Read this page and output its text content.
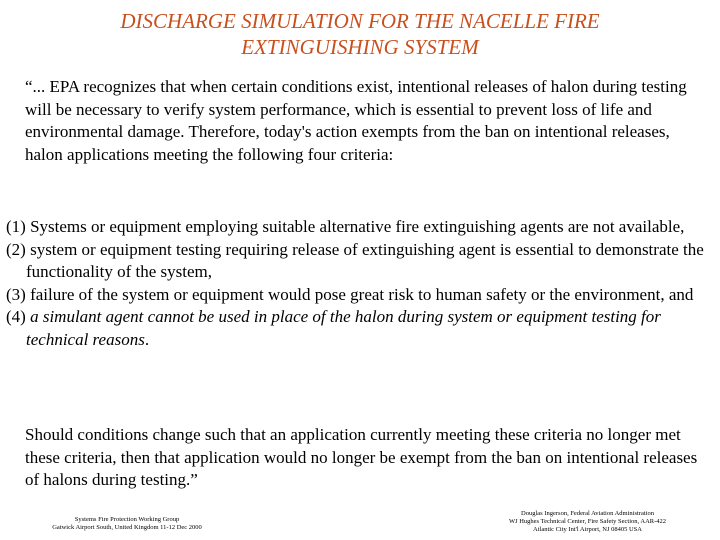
DISCHARGE SIMULATION FOR THE NACELLE FIRE
EXTINGUISHING SYSTEM
“... EPA recognizes that when certain conditions exist, intentional releases of halon during testing will be necessary to verify system performance, which is essential to prevent loss of life and environmental damage. Therefore, today's action exempts from the ban on intentional releases, halon applications meeting the following four criteria:
(1) Systems or equipment employing suitable alternative fire extinguishing agents are not available,
(2) system or equipment testing requiring release of extinguishing agent is essential to demonstrate the functionality of the system,
(3) failure of the system or equipment would pose great risk to human safety or the environment, and
(4) a simulant agent cannot be used in place of the halon during system or equipment testing for technical reasons.
Should conditions change such that an application currently meeting these criteria no longer met these criteria, then that application would no longer be exempt from the ban on intentional releases of halons during testing.”
Systems Fire Protection Working Group
Gatwick Airport South, United Kingdom 11-12 Dec 2000
Douglas Ingerson, Federal Aviation Administration
WJ Hughes Technical Center, Fire Safety Section, AAR-422
Atlantic City Int'l Airport, NJ 08405 USA
